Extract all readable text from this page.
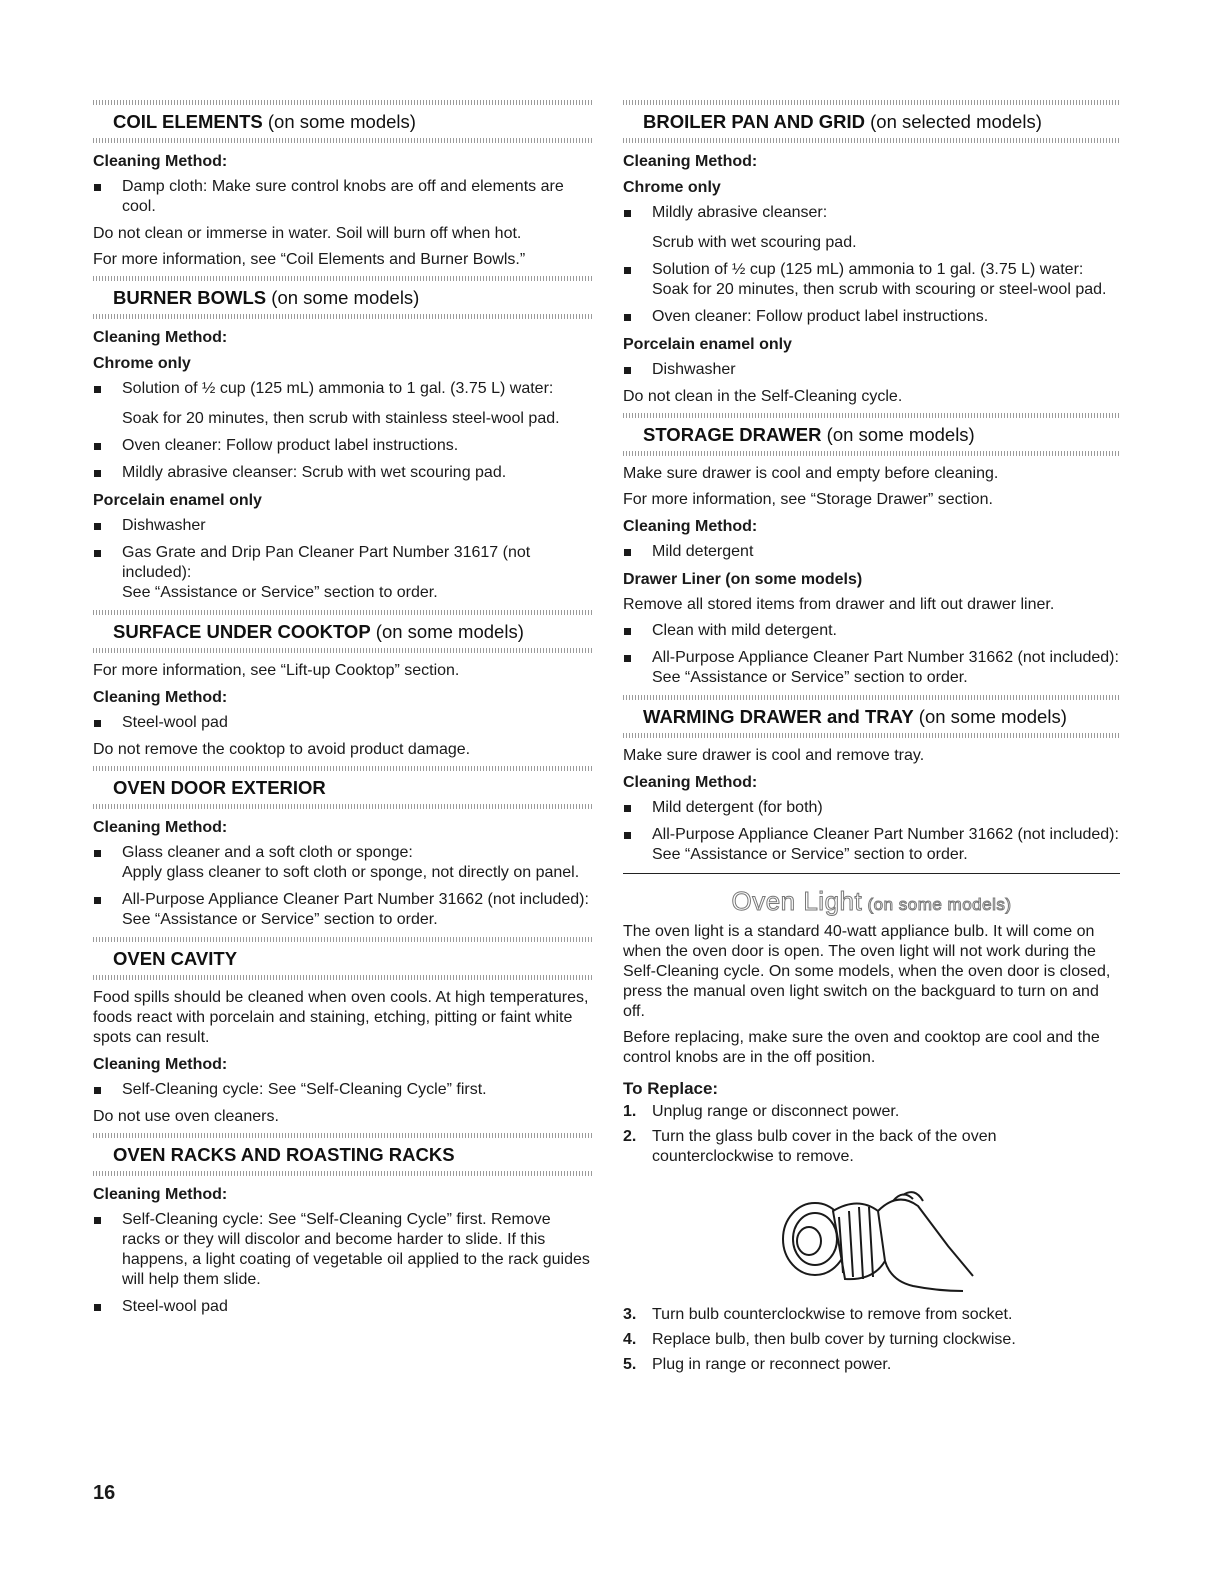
COIL ELEMENTS (on some models)
Cleaning Method:
Damp cloth: Make sure control knobs are off and elements are cool.
Do not clean or immerse in water. Soil will burn off when hot.
For more information, see “Coil Elements and Burner Bowls.”
BURNER BOWLS (on some models)
Cleaning Method:
Chrome only
Solution of ½ cup (125 mL) ammonia to 1 gal. (3.75 L) water:
Soak for 20 minutes, then scrub with stainless steel-wool pad.
Oven cleaner: Follow product label instructions.
Mildly abrasive cleanser: Scrub with wet scouring pad.
Porcelain enamel only
Dishwasher
Gas Grate and Drip Pan Cleaner Part Number 31617 (not included):
See “Assistance or Service” section to order.
SURFACE UNDER COOKTOP (on some models)
For more information, see “Lift-up Cooktop” section.
Cleaning Method:
Steel-wool pad
Do not remove the cooktop to avoid product damage.
OVEN DOOR EXTERIOR
Cleaning Method:
Glass cleaner and a soft cloth or sponge:
Apply glass cleaner to soft cloth or sponge, not directly on panel.
All-Purpose Appliance Cleaner Part Number 31662 (not included):
See “Assistance or Service” section to order.
OVEN CAVITY
Food spills should be cleaned when oven cools. At high temperatures, foods react with porcelain and staining, etching, pitting or faint white spots can result.
Cleaning Method:
Self-Cleaning cycle: See “Self-Cleaning Cycle” first.
Do not use oven cleaners.
OVEN RACKS AND ROASTING RACKS
Cleaning Method:
Self-Cleaning cycle: See “Self-Cleaning Cycle” first. Remove racks or they will discolor and become harder to slide. If this happens, a light coating of vegetable oil applied to the rack guides will help them slide.
Steel-wool pad
BROILER PAN AND GRID (on selected models)
Cleaning Method:
Chrome only
Mildly abrasive cleanser:
Scrub with wet scouring pad.
Solution of ½ cup (125 mL) ammonia to 1 gal. (3.75 L) water:
Soak for 20 minutes, then scrub with scouring or steel-wool pad.
Oven cleaner: Follow product label instructions.
Porcelain enamel only
Dishwasher
Do not clean in the Self-Cleaning cycle.
STORAGE DRAWER (on some models)
Make sure drawer is cool and empty before cleaning.
For more information, see “Storage Drawer” section.
Cleaning Method:
Mild detergent
Drawer Liner (on some models)
Remove all stored items from drawer and lift out drawer liner.
Clean with mild detergent.
All-Purpose Appliance Cleaner Part Number 31662 (not included):
See “Assistance or Service” section to order.
WARMING DRAWER and TRAY (on some models)
Make sure drawer is cool and remove tray.
Cleaning Method:
Mild detergent (for both)
All-Purpose Appliance Cleaner Part Number 31662 (not included):
See “Assistance or Service” section to order.
Oven Light (on some models)
The oven light is a standard 40-watt appliance bulb. It will come on when the oven door is open. The oven light will not work during the Self-Cleaning cycle. On some models, when the oven door is closed, press the manual oven light switch on the backguard to turn on and off.
Before replacing, make sure the oven and cooktop are cool and the control knobs are in the off position.
To Replace:
1. Unplug range or disconnect power.
2. Turn the glass bulb cover in the back of the oven counterclockwise to remove.
3. Turn bulb counterclockwise to remove from socket.
4. Replace bulb, then bulb cover by turning clockwise.
5. Plug in range or reconnect power.
16
